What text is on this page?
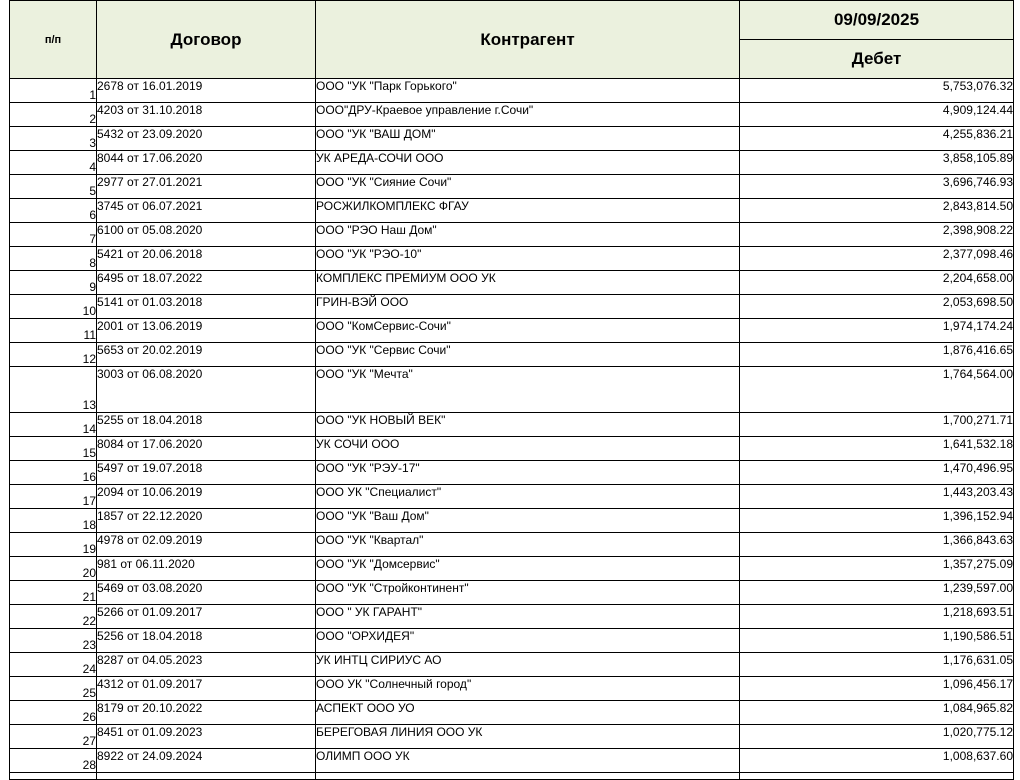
п/п	Договор	Контрагент	09/09/2025
			Дебет
1	2678 от 16.01.2019	ООО "УК "Парк Горького"	5,753,076.32
2	4203 от 31.10.2018	ООО"ДРУ-Краевое управление г.Сочи"	4,909,124.44
3	5432 от 23.09.2020	ООО "УК "ВАШ ДОМ"	4,255,836.21
4	8044 от 17.06.2020	УК АРЕДА-СОЧИ ООО	3,858,105.89
5	2977 от 27.01.2021	ООО "УК "Сияние Сочи"	3,696,746.93
6	3745 от 06.07.2021	РОСЖИЛКОМПЛЕКС ФГАУ	2,843,814.50
7	6100 от 05.08.2020	ООО "РЭО Наш Дом"	2,398,908.22
8	5421 от 20.06.2018	ООО "УК "РЭО-10"	2,377,098.46
9	6495 от 18.07.2022	КОМПЛЕКС ПРЕМИУМ ООО УК	2,204,658.00
10	5141 от 01.03.2018	ГРИН-ВЭЙ ООО	2,053,698.50
11	2001 от 13.06.2019	ООО "КомСервис-Сочи"	1,974,174.24
12	5653 от 20.02.2019	ООО "УК "Сервис Сочи"	1,876,416.65
13	3003 от 06.08.2020	ООО "УК "Мечта"	1,764,564.00
14	5255 от 18.04.2018	ООО "УК НОВЫЙ ВЕК"	1,700,271.71
15	8084 от 17.06.2020	УК СОЧИ ООО	1,641,532.18
16	5497 от 19.07.2018	ООО "УК "РЭУ-17"	1,470,496.95
17	2094 от 10.06.2019	ООО УК "Специалист"	1,443,203.43
18	1857 от 22.12.2020	ООО "УК "Ваш Дом"	1,396,152.94
19	4978 от 02.09.2019	ООО "УК "Квартал"	1,366,843.63
20	981 от 06.11.2020	ООО "УК "Домсервис"	1,357,275.09
21	5469 от 03.08.2020	ООО "УК "Стройконтинент"	1,239,597.00
22	5266 от 01.09.2017	ООО " УК ГАРАНТ"	1,218,693.51
23	5256 от 18.04.2018	ООО "ОРХИДЕЯ"	1,190,586.51
24	8287 от 04.05.2023	УК ИНТЦ СИРИУС АО	1,176,631.05
25	4312 от 01.09.2017	ООО УК "Солнечный город"	1,096,456.17
26	8179 от 20.10.2022	АСПЕКТ ООО УО	1,084,965.82
27	8451 от 01.09.2023	БЕРЕГОВАЯ ЛИНИЯ ООО УК	1,020,775.12
28	8922 от 24.09.2024	ОЛИМП ООО УК	1,008,637.60
